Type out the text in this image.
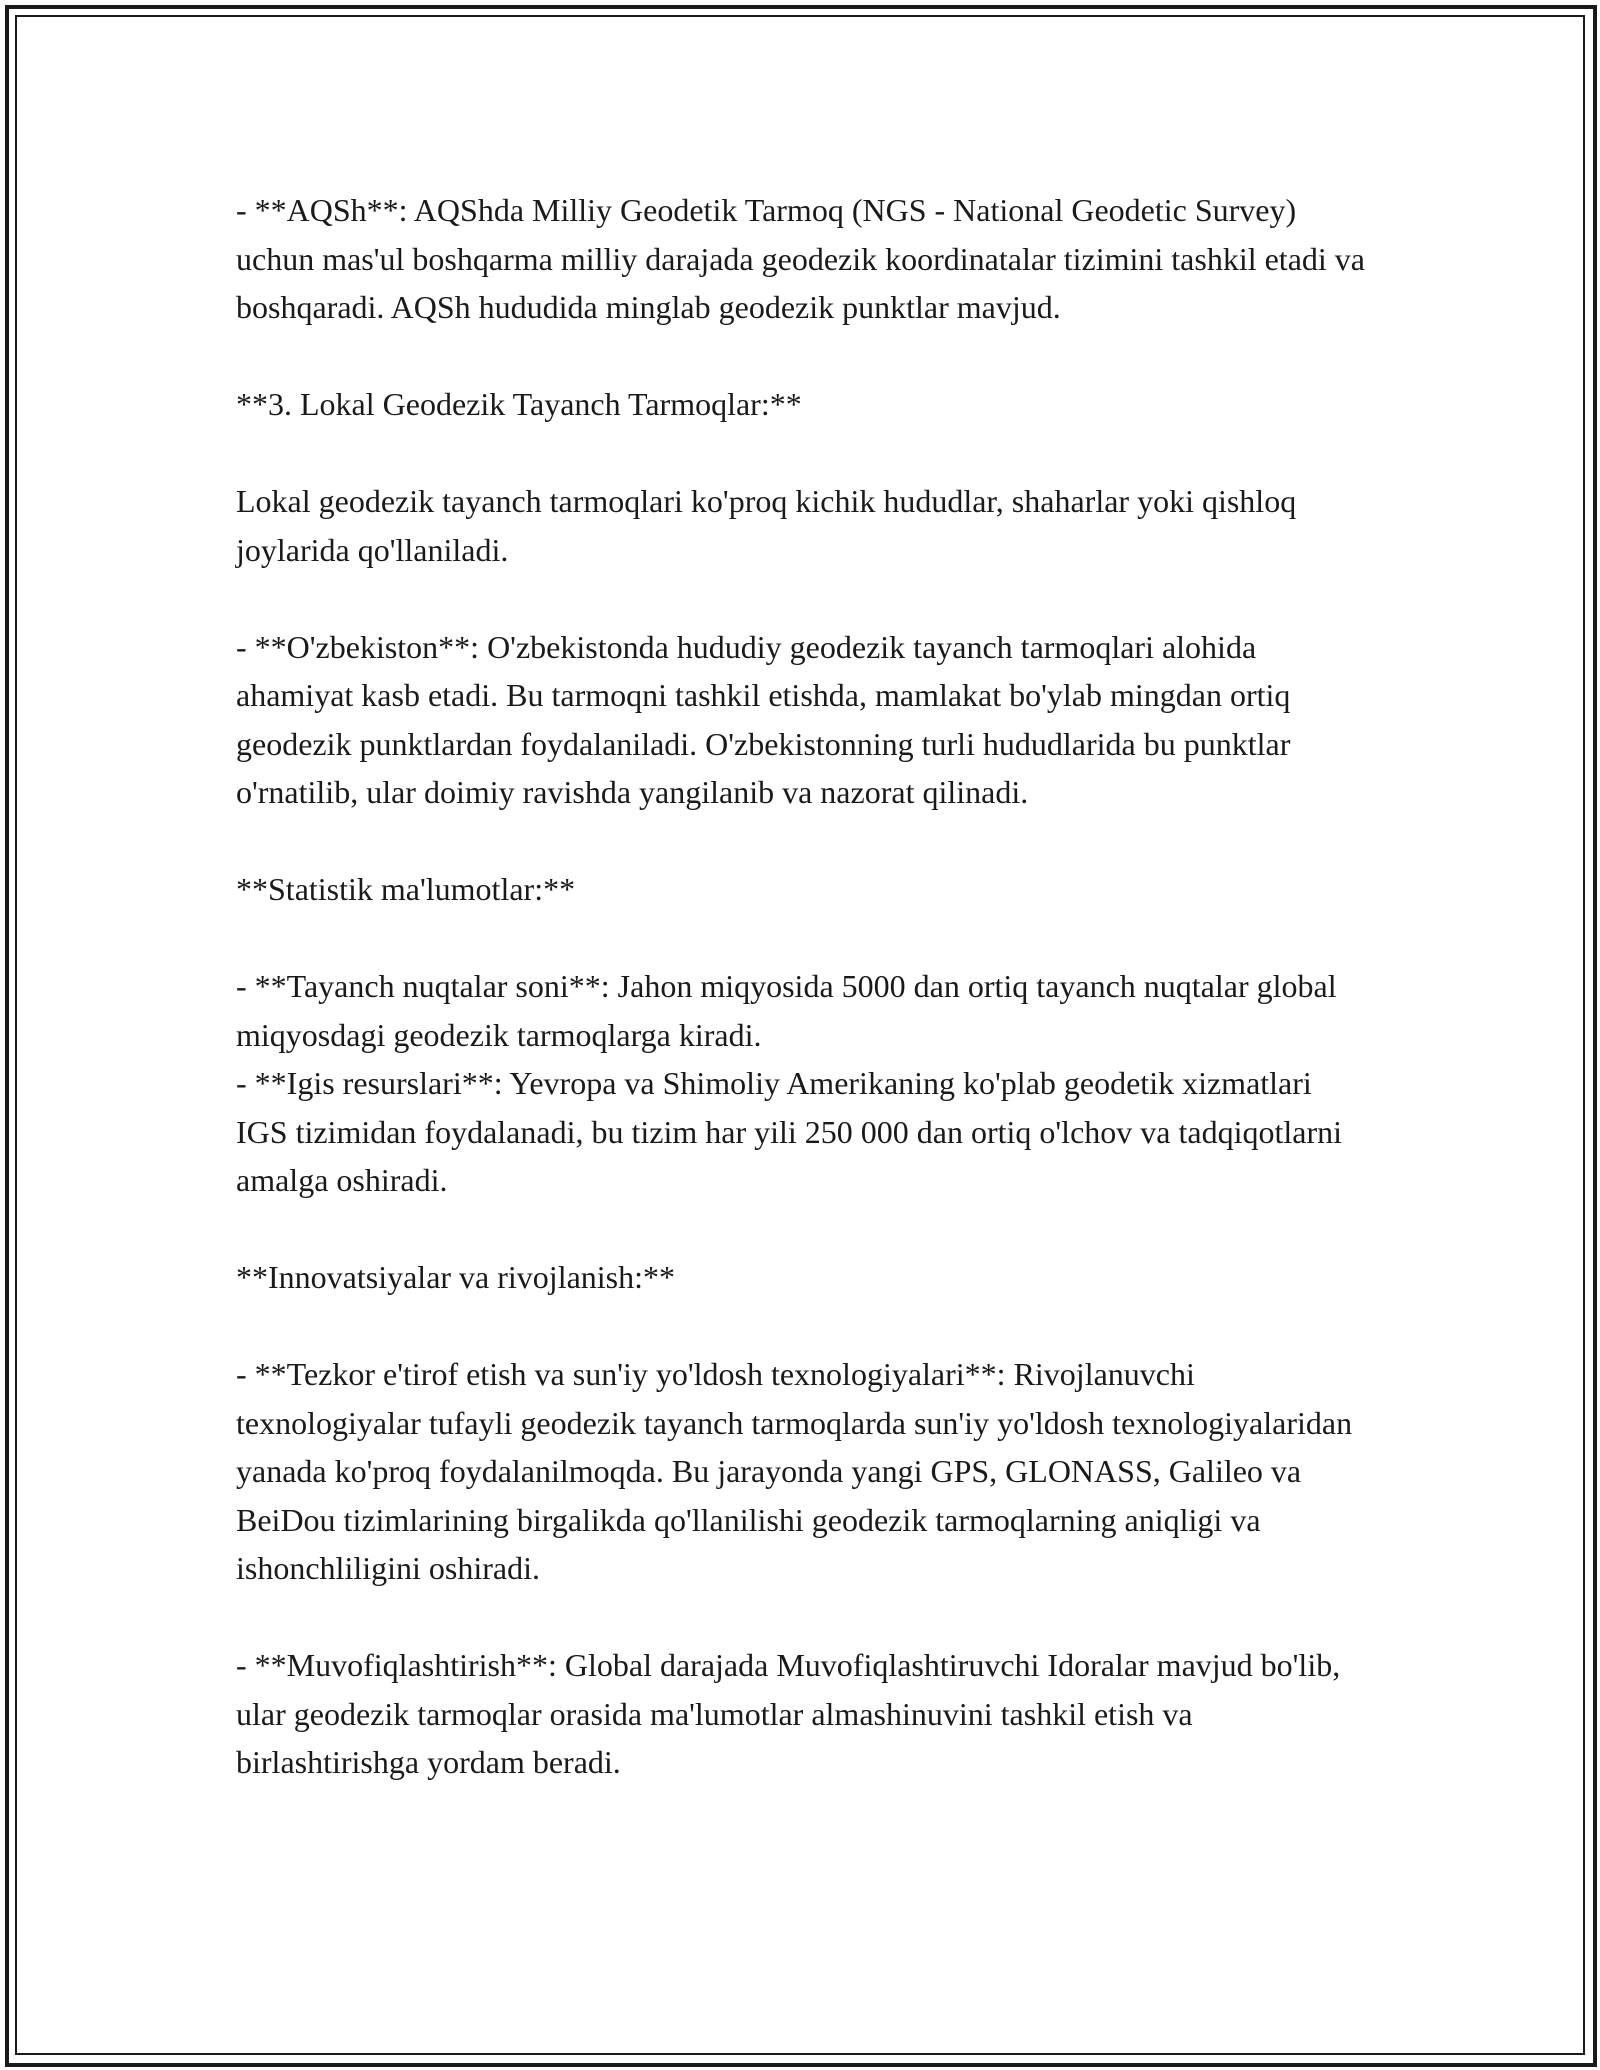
- **AQSh**: AQShda Milliy Geodetik Tarmoq (NGS - National Geodetic Survey) uchun mas'ul boshqarma milliy darajada geodezik koordinatalar tizimini tashkil etadi va boshqaradi. AQSh hududida minglab geodezik punktlar mavjud.

**3. Lokal Geodezik Tayanch Tarmoqlar:**

Lokal geodezik tayanch tarmoqlari ko'proq kichik hududlar, shaharlar yoki qishloq joylarida qo'llaniladi.

- **O'zbekiston**: O'zbekistonda hududiy geodezik tayanch tarmoqlari alohida ahamiyat kasb etadi. Bu tarmoqni tashkil etishda, mamlakat bo'ylab mingdan ortiq geodezik punktlardan foydalaniladi. O'zbekistonning turli hududlarida bu punktlar o'rnatilib, ular doimiy ravishda yangilanib va nazorat qilinadi.

**Statistik ma'lumotlar:**

- **Tayanch nuqtalar soni**: Jahon miqyosida 5000 dan ortiq tayanch nuqtalar global miqyosdagi geodezik tarmoqlarga kiradi.

- **Igis resurslari**: Yevropa va Shimoliy Amerikaning ko'plab geodetik xizmatlari IGS tizimidan foydalanadi, bu tizim har yili 250 000 dan ortiq o'lchov va tadqiqotlarni amalga oshiradi.

**Innovatsiyalar va rivojlanish:**

- **Tezkor e'tirof etish va sun'iy yo'ldosh texnologiyalari**: Rivojlanuvchi texnologiyalar tufayli geodezik tayanch tarmoqlarda sun'iy yo'ldosh texnologiyalaridan yanada ko'proq foydalanilmoqda. Bu jarayonda yangi GPS, GLONASS, Galileo va BeiDou tizimlarining birgalikda qo'llanilishi geodezik tarmoqlarning aniqligi va ishonchliligini oshiradi.

- **Muvofiqlashtirish**: Global darajada Muvofiqlashtiruvchi Idoralar mavjud bo'lib, ular geodezik tarmoqlar orasida ma'lumotlar almashinuvini tashkil etish va birlashtirishga yordam beradi.
